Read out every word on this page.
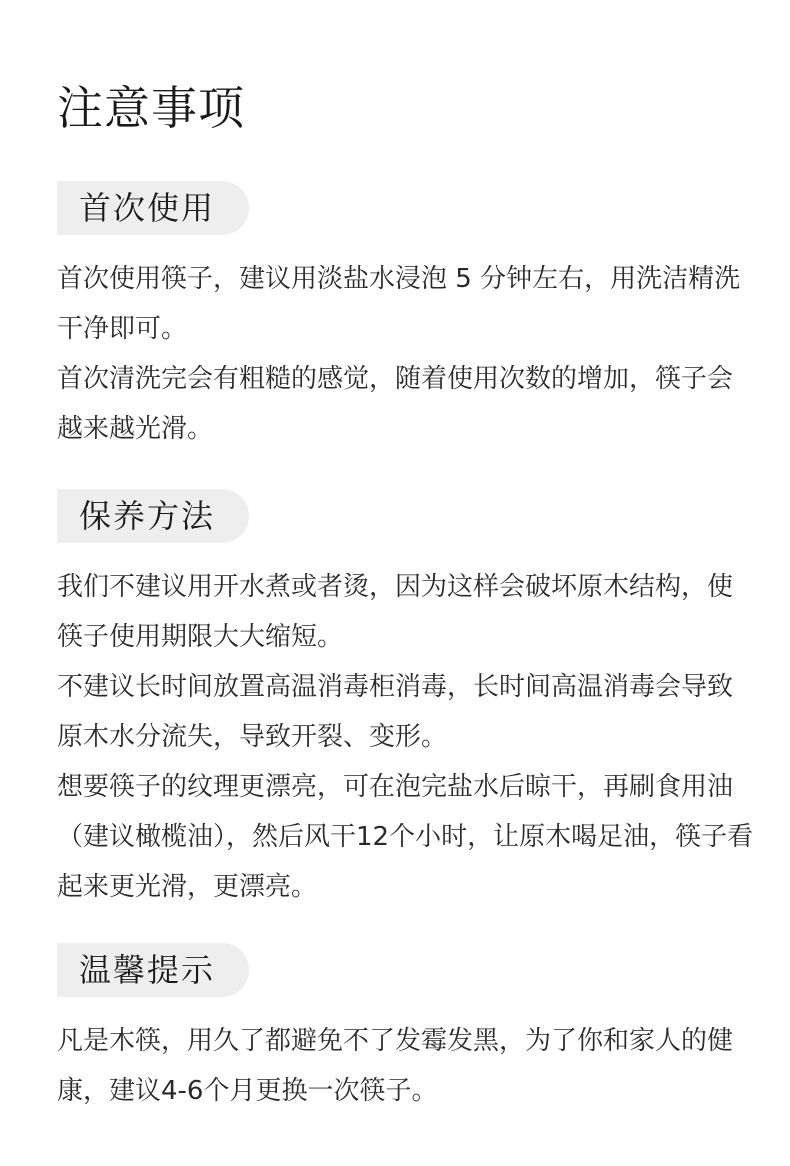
注意事项
首次使用

首次使用筷子，建议用淡盐水浸泡 5 分钟左右，用洗洁精洗干净即可。

首次清洗完会有粗糙的感觉，随着使用次数的增加，筷子会越来越光滑。

保养方法

我们不建议用开水煮或者烫，因为这样会破坏原木结构，使筷子使用期限大大缩短。

不建议长时间放置高温消毒柜消毒，长时间高温消毒会导致原木水分流失，导致开裂、变形。

想要筷子的纹理更漂亮，可在泡完盐水后晾干，再刷食用油（建议橄榄油），然后风干12个小时，让原木喝足油，筷子看起来更光滑，更漂亮。

温馨提示

凡是木筷，用久了都避免不了发霉发黑，为了你和家人的健康，建议4-6个月更换一次筷子。
